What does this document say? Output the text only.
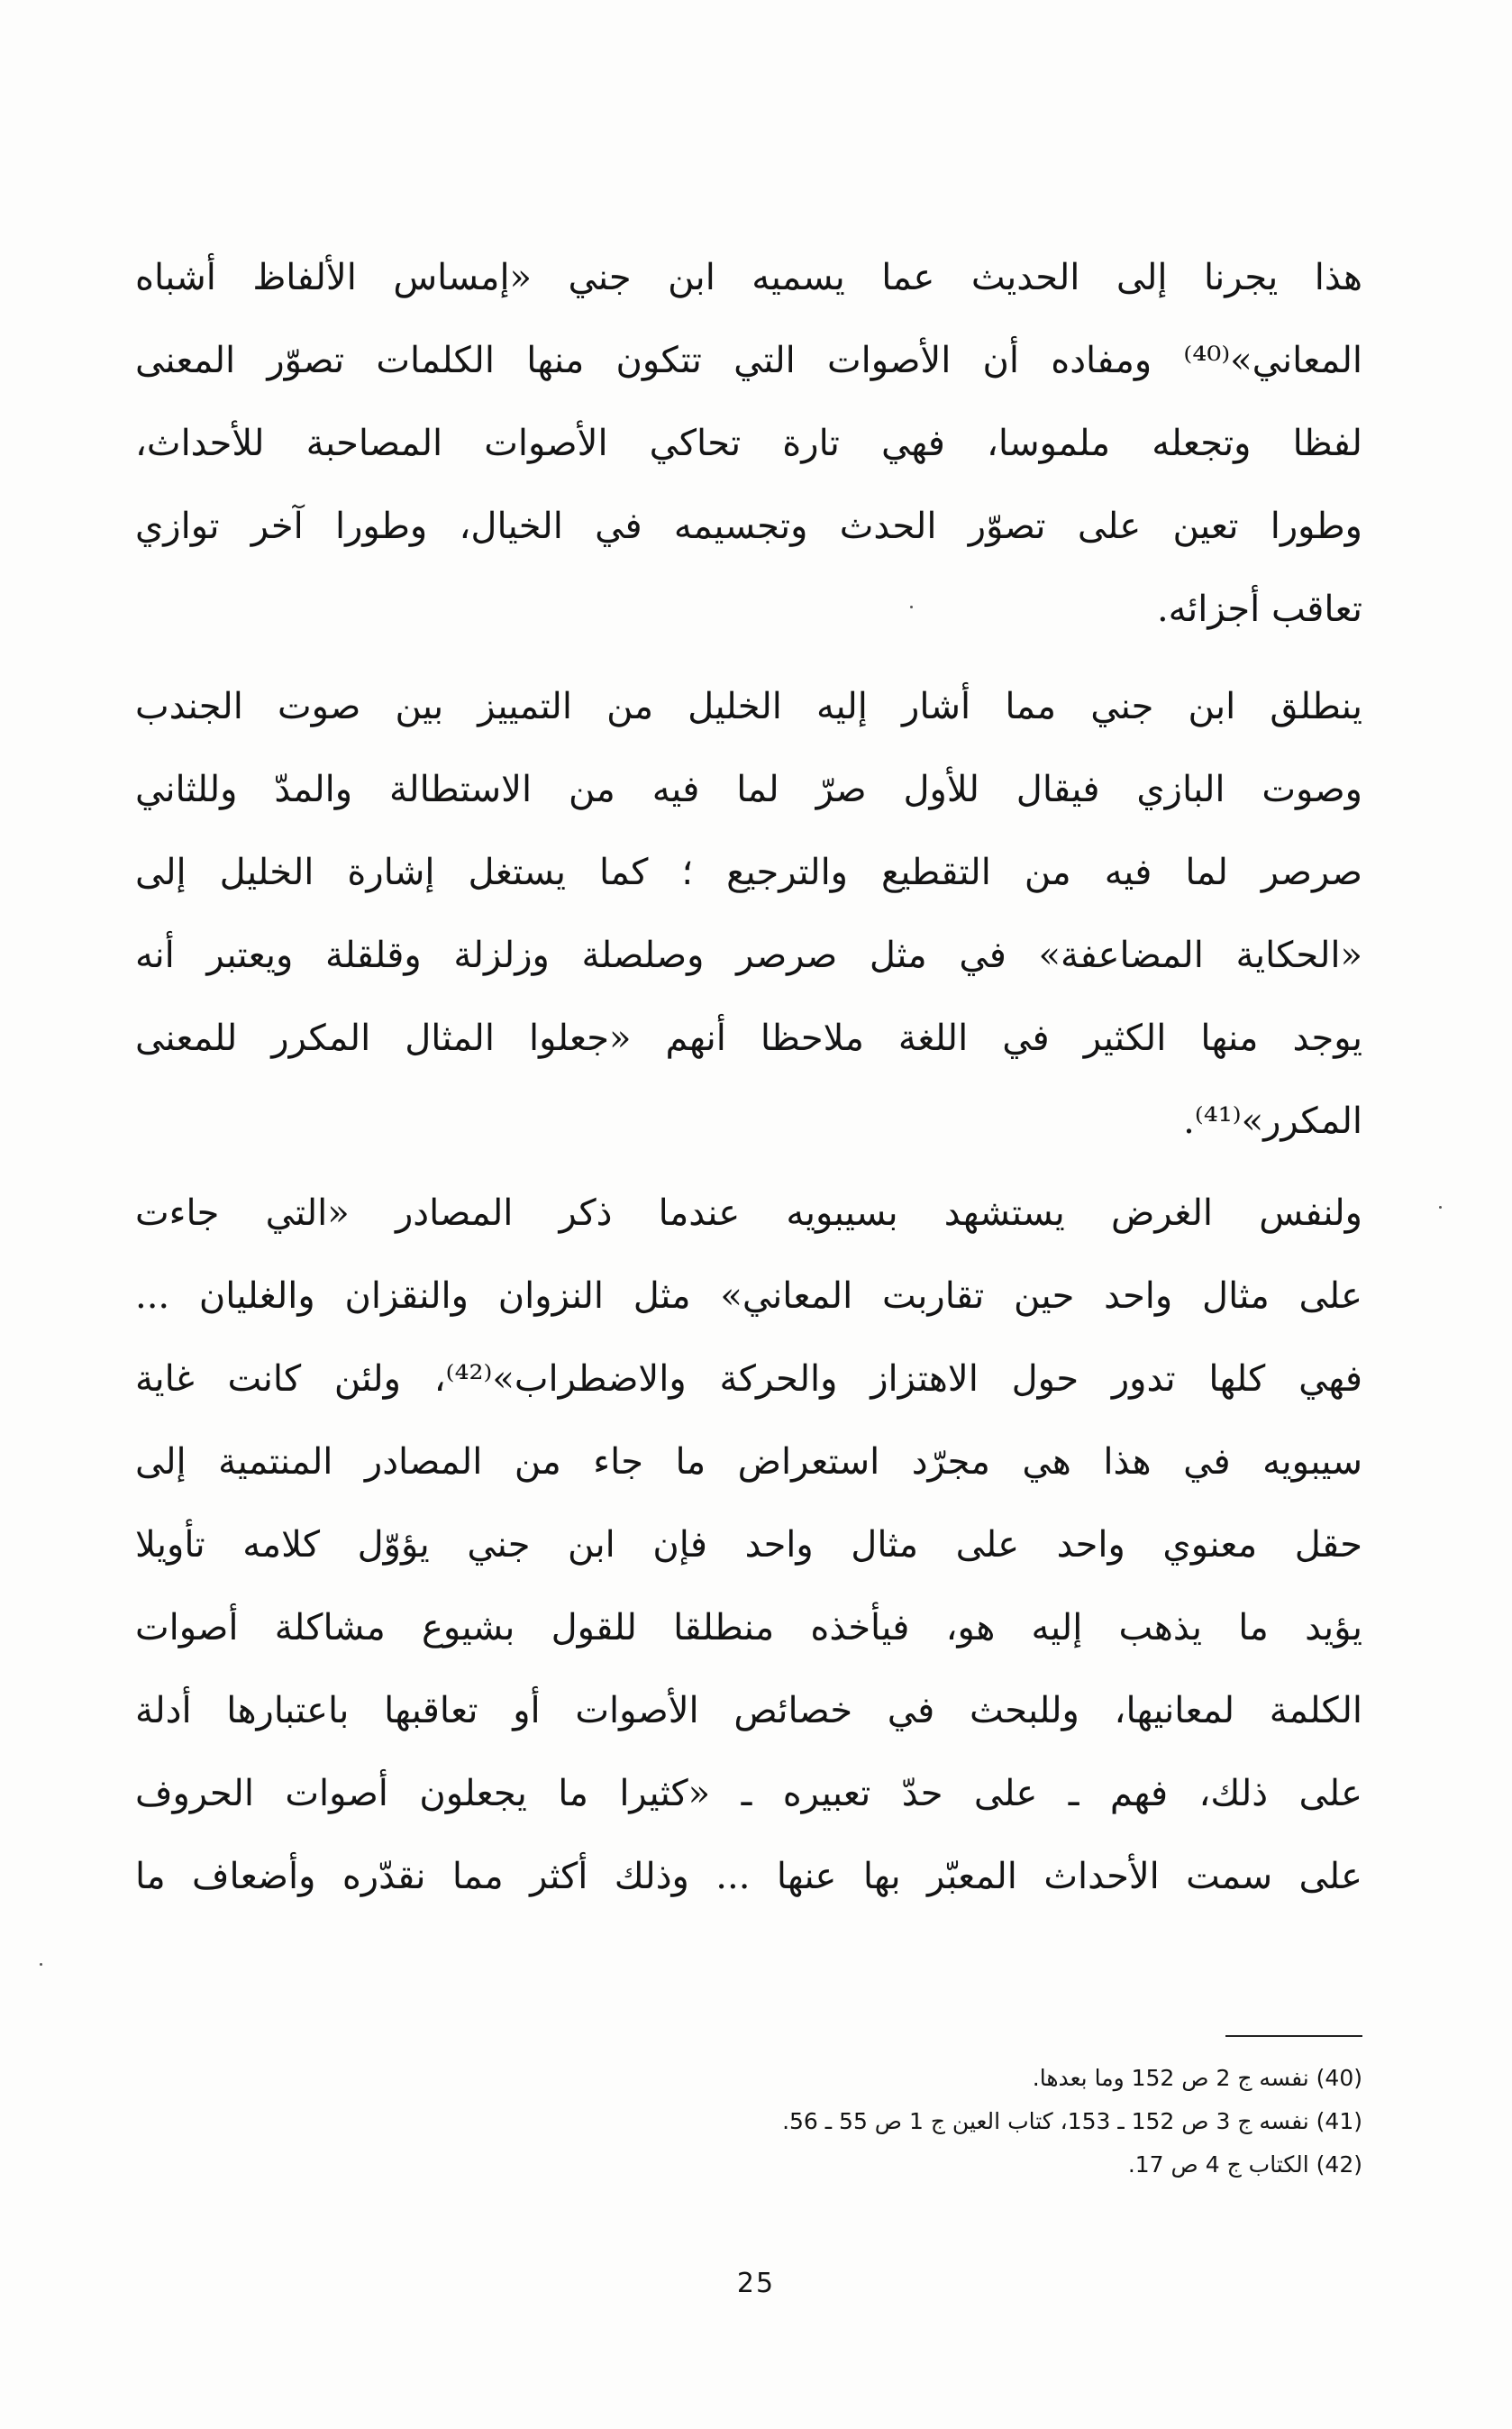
هذا يجرنا إلى الحديث عما يسميه ابن جني «إمساس الألفاظ أشباه
المعاني»⁽⁴⁰⁾ ومفاده أن الأصوات التي تتكون منها الكلمات تصوّر المعنى
لفظا وتجعله ملموسا، فهي تارة تحاكي الأصوات المصاحبة للأحداث،
وطورا تعين على تصوّر الحدث وتجسيمه في الخيال، وطورا آخر توازي
تعاقب أجزائه.
ينطلق ابن جني مما أشار إليه الخليل من التمييز بين صوت الجندب
وصوت البازي فيقال للأول صرّ لما فيه من الاستطالة والمدّ وللثاني
صرصر لما فيه من التقطيع والترجيع ؛ كما يستغل إشارة الخليل إلى
«الحكاية المضاعفة» في مثل صرصر وصلصلة وزلزلة وقلقلة ويعتبر أنه
يوجد منها الكثير في اللغة ملاحظا أنهم «جعلوا المثال المكرر للمعنى
المكرر»⁽⁴¹⁾.
ولنفس الغرض يستشهد بسيبويه عندما ذكر المصادر «التي جاءت
على مثال واحد حين تقاربت المعاني» مثل النزوان والنقزان والغليان ...
فهي كلها تدور حول الاهتزاز والحركة والاضطراب»⁽⁴²⁾، ولئن كانت غاية
سيبويه في هذا هي مجرّد استعراض ما جاء من المصادر المنتمية إلى
حقل معنوي واحد على مثال واحد فإن ابن جني يؤوّل كلامه تأويلا
يؤيد ما يذهب إليه هو، فيأخذه منطلقا للقول بشيوع مشاكلة أصوات
الكلمة لمعانيها، وللبحث في خصائص الأصوات أو تعاقبها باعتبارها أدلة
على ذلك، فهم ـ على حدّ تعبيره ـ «كثيرا ما يجعلون أصوات الحروف
على سمت الأحداث المعبّر بها عنها ... وذلك أكثر مما نقدّره وأضعاف ما
(40) نفسه ج 2 ص 152 وما بعدها.
(41) نفسه ج 3 ص 152 ـ 153، كتاب العين ج 1 ص 55 ـ 56.
(42) الكتاب ج 4 ص 17.
25
